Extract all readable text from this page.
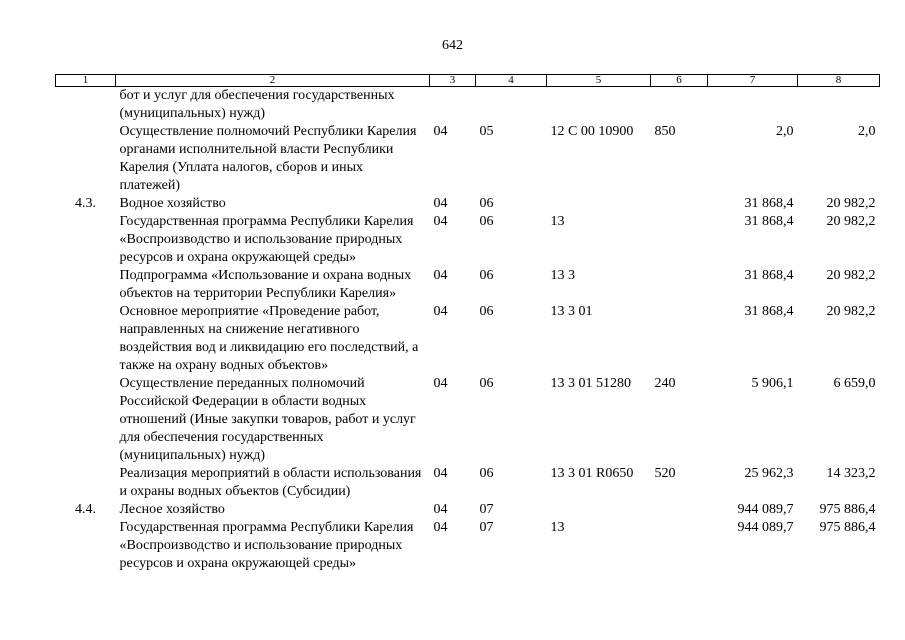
642
1	2	3	4	5	6	7	8
	бот и услуг для обеспечения государственных (муниципальных) нужд)						
	Осуществление полномочий Республики Карелия органами исполнительной власти Республики Карелия (Уплата налогов, сборов и иных платежей)	04	05	12 С 00 10900	850	2,0	2,0
4.3.	Водное хозяйство	04	06			31 868,4	20 982,2
	Государственная программа Республики Карелия «Воспроизводство и использование природных ресурсов и охрана окружающей среды»	04	06	13		31 868,4	20 982,2
	Подпрограмма «Использование и охрана водных объектов на территории Республики Карелия»	04	06	13 3		31 868,4	20 982,2
	Основное мероприятие «Проведение работ, направленных на снижение негативного воздействия вод и ликвидацию его последствий, а также на охрану водных объектов»	04	06	13 3 01		31 868,4	20 982,2
	Осуществление переданных полномочий Российской Федерации в области водных отношений (Иные закупки товаров, работ и услуг для обеспечения государственных (муниципальных) нужд)	04	06	13 3 01 51280	240	5 906,1	6 659,0
	Реализация мероприятий в области использования и охраны водных объектов (Субсидии)	04	06	13 3 01 R0650	520	25 962,3	14 323,2
4.4.	Лесное хозяйство	04	07			944 089,7	975 886,4
	Государственная программа Республики Карелия «Воспроизводство и использование природных ресурсов и охрана окружающей среды»	04	07	13		944 089,7	975 886,4
